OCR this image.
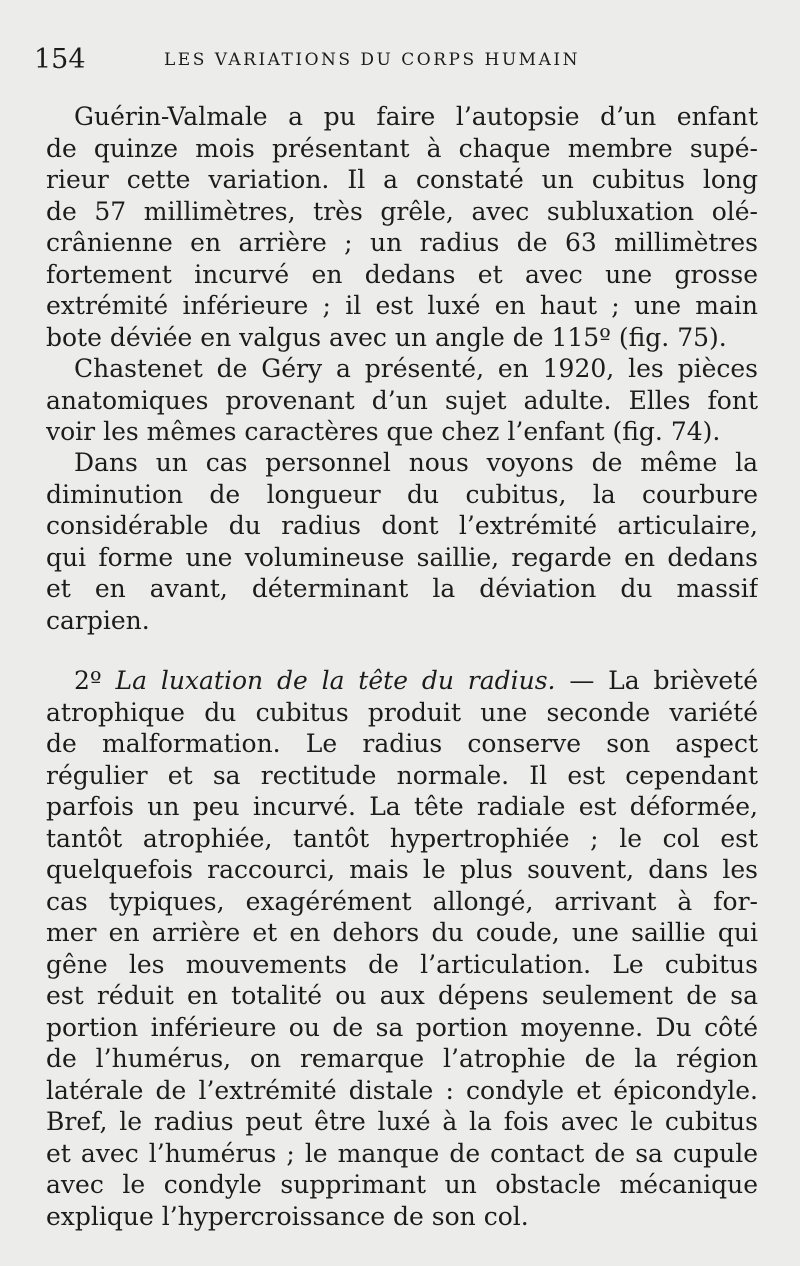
154	LES VARIATIONS DU CORPS HUMAIN

Guérin-Valmale a pu faire l’autopsie d’un enfant
de quinze mois présentant à chaque membre supé-
rieur cette variation. Il a constaté un cubitus long
de 57 millimètres, très grêle, avec subluxation olé-
crânienne en arrière ; un radius de 63 millimètres
fortement incurvé en dedans et avec une grosse
extrémité inférieure ; il est luxé en haut ; une main
bote déviée en valgus avec un angle de 115º (fig. 75).

Chastenet de Géry a présenté, en 1920, les pièces
anatomiques provenant d’un sujet adulte. Elles font
voir les mêmes caractères que chez l’enfant (fig. 74).

Dans un cas personnel nous voyons de même la
diminution de longueur du cubitus, la courbure
considérable du radius dont l’extrémité articulaire,
qui forme une volumineuse saillie, regarde en dedans
et en avant, déterminant la déviation du massif
carpien.

2º La luxation de la tête du radius. — La brièveté
atrophique du cubitus produit une seconde variété
de malformation. Le radius conserve son aspect
régulier et sa rectitude normale. Il est cependant
parfois un peu incurvé. La tête radiale est déformée,
tantôt atrophiée, tantôt hypertrophiée ; le col est
quelquefois raccourci, mais le plus souvent, dans les
cas typiques, exagérément allongé, arrivant à for-
mer en arrière et en dehors du coude, une saillie qui
gêne les mouvements de l’articulation. Le cubitus
est réduit en totalité ou aux dépens seulement de sa
portion inférieure ou de sa portion moyenne. Du côté
de l’humérus, on remarque l’atrophie de la région
latérale de l’extrémité distale : condyle et épicondyle.
Bref, le radius peut être luxé à la fois avec le cubitus
et avec l’humérus ; le manque de contact de sa cupule
avec le condyle supprimant un obstacle mécanique
explique l’hypercroissance de son col.
